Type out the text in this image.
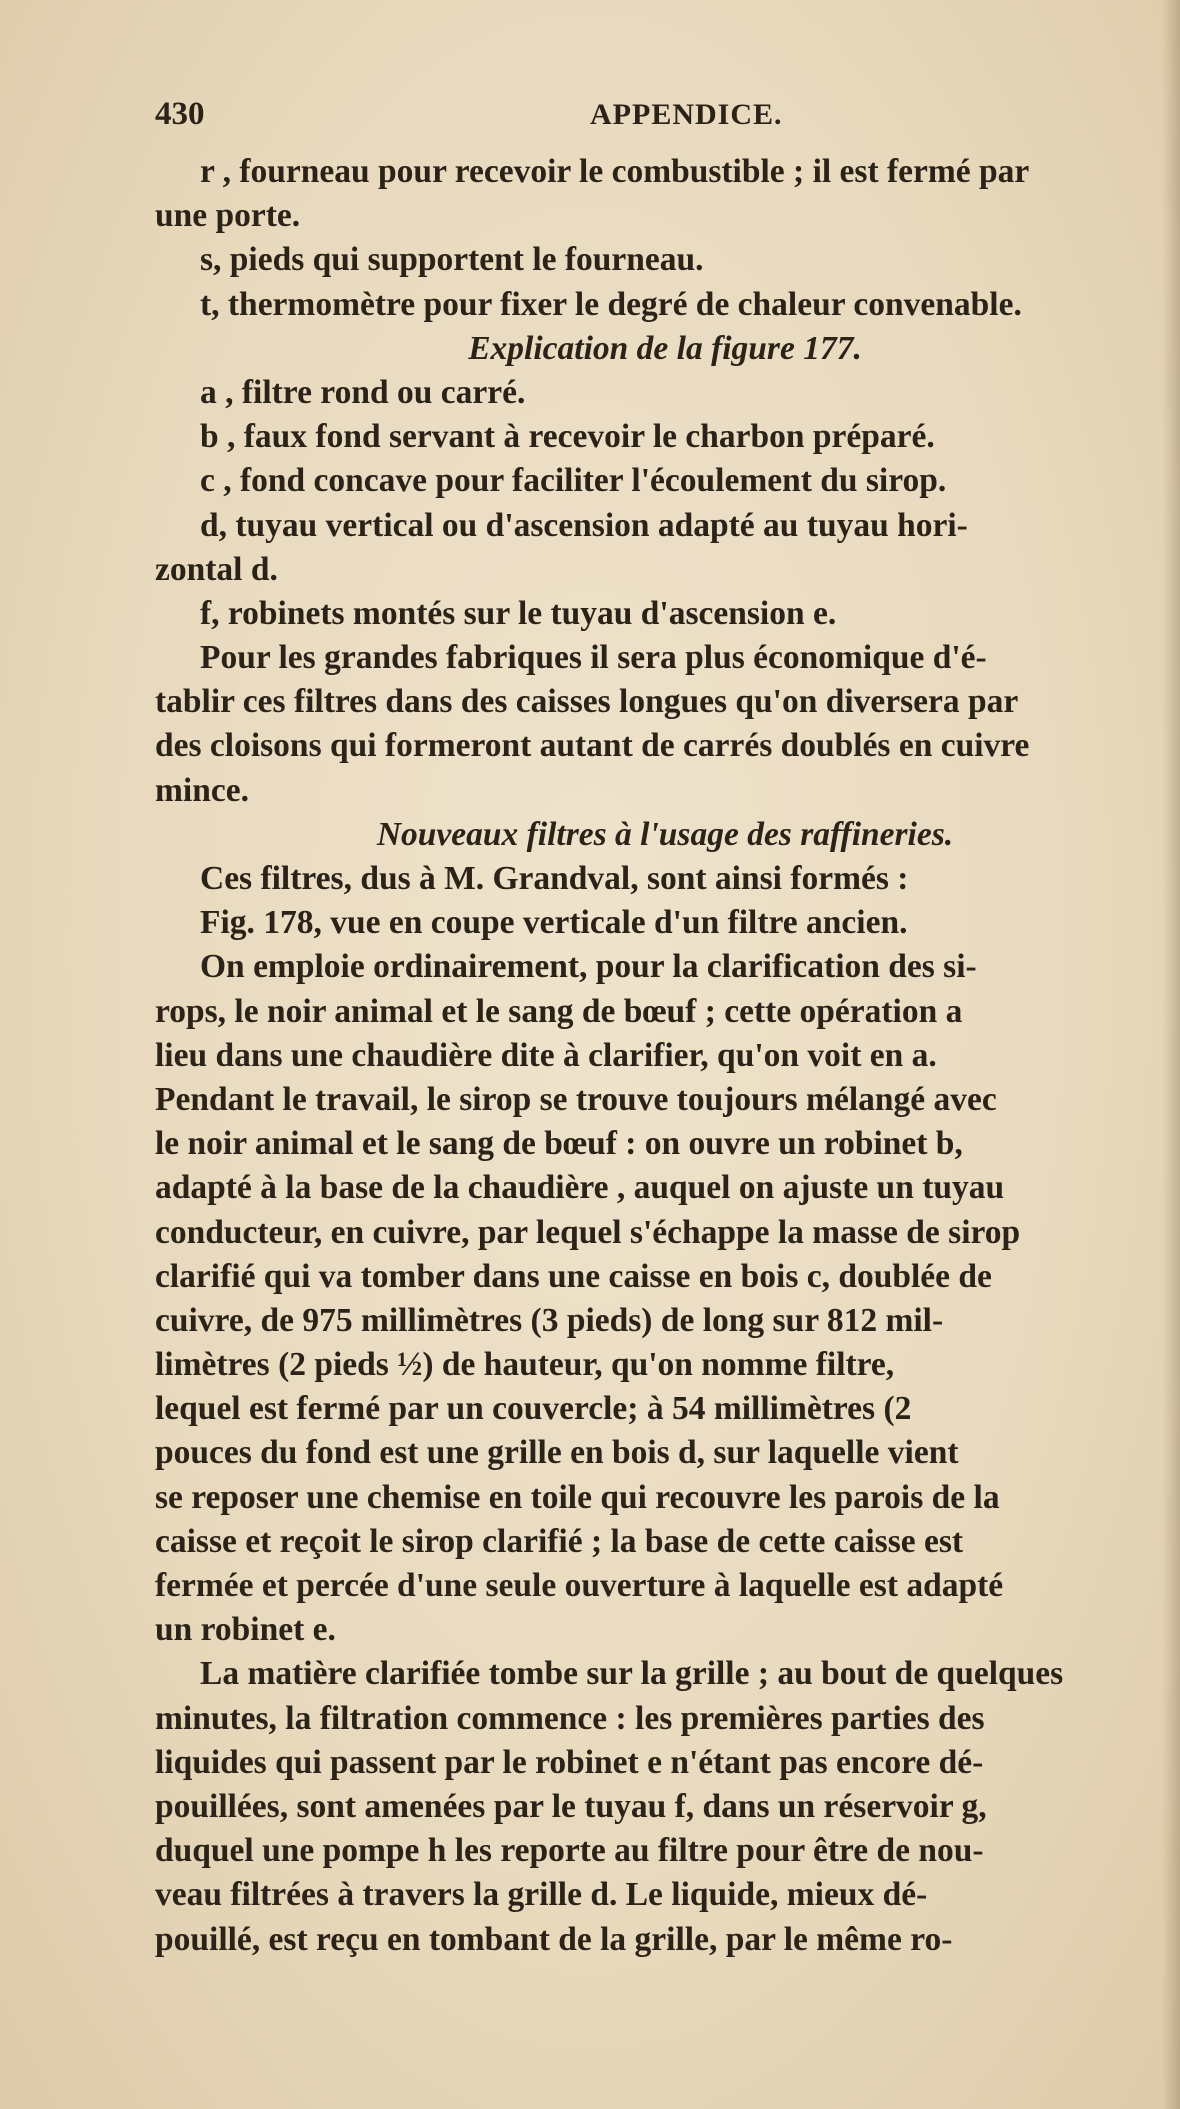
430	APPENDICE.
r , fourneau pour recevoir le combustible ; il est fermé par
une porte.
s, pieds qui supportent le fourneau.
t, thermomètre pour fixer le degré de chaleur convenable.
Explication de la figure 177.
a , filtre rond ou carré.
b , faux fond servant à recevoir le charbon préparé.
c , fond concave pour faciliter l'écoulement du sirop.
d, tuyau vertical ou d'ascension adapté au tuyau hori-
zontal d.
f, robinets montés sur le tuyau d'ascension e.
Pour les grandes fabriques il sera plus économique d'é-
tablir ces filtres dans des caisses longues qu'on diversera par
des cloisons qui formeront autant de carrés doublés en cuivre
mince.
Nouveaux filtres à l'usage des raffineries.
Ces filtres, dus à M. Grandval, sont ainsi formés :
Fig. 178, vue en coupe verticale d'un filtre ancien.
On emploie ordinairement, pour la clarification des si-
rops, le noir animal et le sang de bœuf ; cette opération a
lieu dans une chaudière dite à clarifier, qu'on voit en a.
Pendant le travail, le sirop se trouve toujours mélangé avec
le noir animal et le sang de bœuf : on ouvre un robinet b,
adapté à la base de la chaudière , auquel on ajuste un tuyau
conducteur, en cuivre, par lequel s'échappe la masse de sirop
clarifié qui va tomber dans une caisse en bois c, doublée de
cuivre, de 975 millimètres (3 pieds) de long sur 812 mil-
limètres (2 pieds ½) de hauteur, qu'on nomme filtre,
lequel est fermé par un couvercle; à 54 millimètres (2
pouces du fond est une grille en bois d, sur laquelle vient
se reposer une chemise en toile qui recouvre les parois de la
caisse et reçoit le sirop clarifié ; la base de cette caisse est
fermée et percée d'une seule ouverture à laquelle est adapté
un robinet e.
La matière clarifiée tombe sur la grille ; au bout de quelques
minutes, la filtration commence : les premières parties des
liquides qui passent par le robinet e n'étant pas encore dé-
pouillées, sont amenées par le tuyau f, dans un réservoir g,
duquel une pompe h les reporte au filtre pour être de nou-
veau filtrées à travers la grille d. Le liquide, mieux dé-
pouillé, est reçu en tombant de la grille, par le même ro-
